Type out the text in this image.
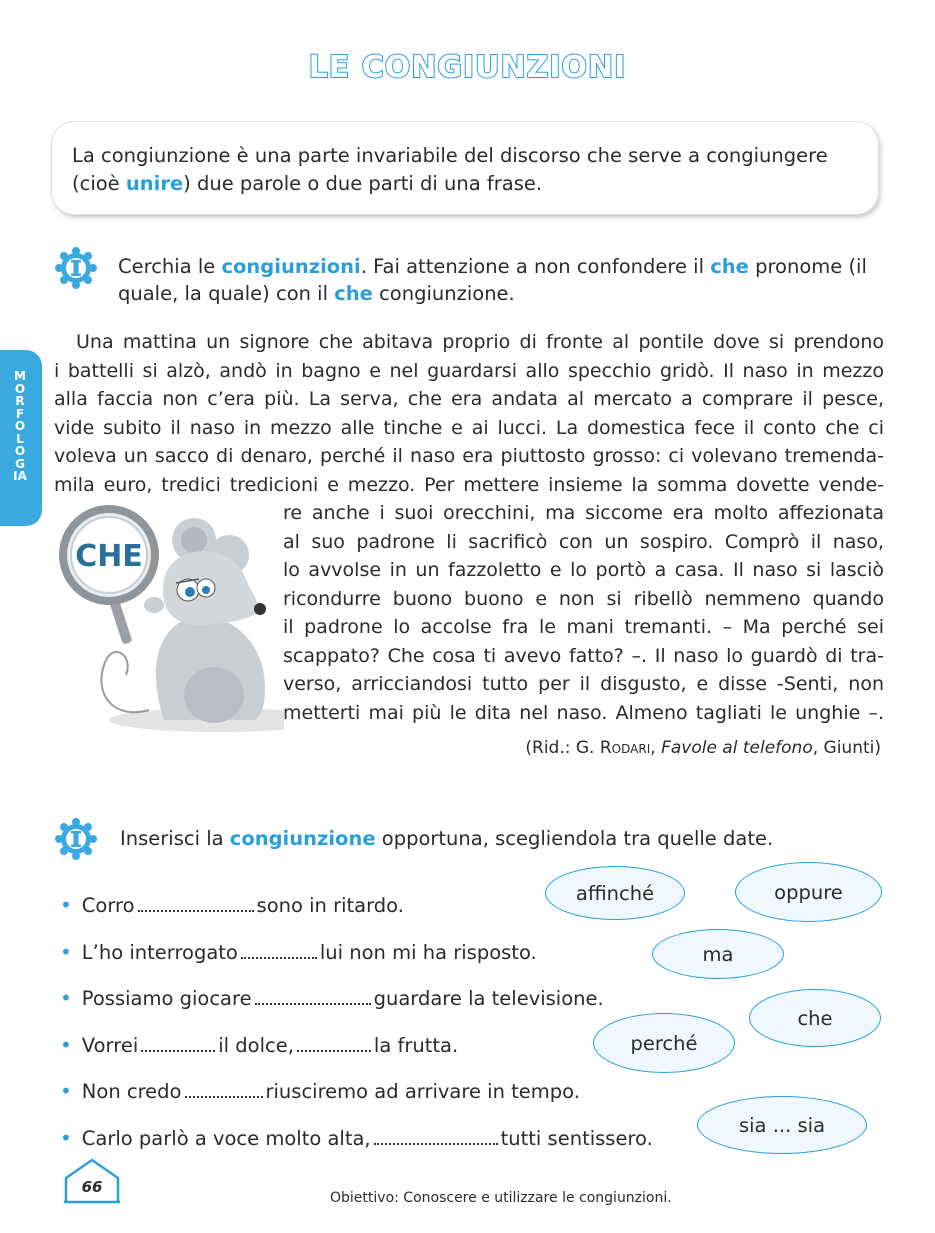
LE CONGIUNZIONI

La congiunzione è una parte invariabile del discorso che serve a congiungere (cioè unire) due parole o due parti di una frase.

MORFOLOGIA
Cerchia le congiunzioni. Fai attenzione a non confondere il che pronome (il
quale, la quale) con il che congiunzione.
Una mattina un signore che abitava proprio di fronte al pontile dove si prendono
i battelli si alzò, andò in bagno e nel guardarsi allo specchio gridò. Il naso in mezzo
alla faccia non c’era più. La serva, che era andata al mercato a comprare il pesce,
vide subito il naso in mezzo alle tinche e ai lucci. La domestica fece il conto che ci
voleva un sacco di denaro, perché il naso era piuttosto grosso: ci volevano tremenda-
mila euro, tredici tredicioni e mezzo. Per mettere insieme la somma dovette vende-
re anche i suoi orecchini, ma siccome era molto affezionata
al suo padrone li sacrificò con un sospiro. Comprò il naso,
lo avvolse in un fazzoletto e lo portò a casa. Il naso si lasciò
ricondurre buono buono e non si ribellò nemmeno quando
il padrone lo accolse fra le mani tremanti. – Ma perché sei
scappato? Che cosa ti avevo fatto? –. Il naso lo guardò di tra-
verso, arricciandosi tutto per il disgusto, e disse -Senti, non
metterti mai più le dita nel naso. Almeno tagliati le unghie –.
CHE
(Rid.: G. Rodari, Favole al telefono, Giunti)
Inserisci la congiunzione opportuna, scegliendola tra quelle date.
• Corro	sono in ritardo.
• L’ho interrogato	lui non mi ha risposto.
• Possiamo giocare	guardare la televisione.
• Vorrei	il dolce,	la frutta.
• Non credo	riusciremo ad arrivare in tempo.
• Carlo parlò a voce molto alta,	tutti sentissero.
affinché	oppure
ma
che
perché
sia ... sia
66
Obiettivo: Conoscere e utilizzare le congiunzioni.
